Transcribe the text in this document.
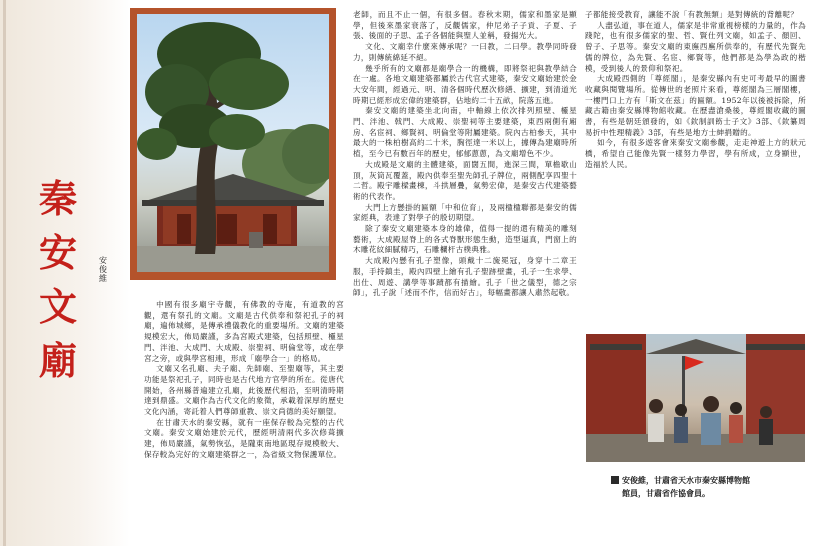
秦安文廟
安俊維

中國有很多廟宇寺觀，有佛教的寺庵，有道教的宮觀，還有祭孔的文廟。文廟是古代供奉和祭祀孔子的祠廟，遍佈城鄉，是傳承禮儀教化的重要場所。文廟的建築規模宏大，佈局嚴謹，多為宮殿式建築，包括照壁、欞星門、泮池、大成門、大成殿、崇聖祠、明倫堂等，或在學宮之旁，或與學宮相連，形成「廟學合一」的格局。

文廟又名孔廟、夫子廟、先師廟、至聖廟等，其主要功能是祭祀孔子，同時也是古代地方官學的所在。從唐代開始，各州縣普遍建立孔廟，此後歷代相沿，至明清時期達到鼎盛。文廟作為古代文化的象徵，承載着深厚的歷史文化內涵，寄託着人們尊師重教、崇文尚德的美好願望。

在甘肅天水的秦安縣，就有一座保存較為完整的古代文廟。秦安文廟始建於元代，歷經明清兩代多次修葺擴建，佈局嚴謹，氣勢恢弘，是隴東南地區現存規模較大、保存較為完好的文廟建築群之一，為省級文物保護單位。

老師，而且不止一個，有很多個。春秋末期，儒家和墨家是顯學，但後來墨家衰落了，反觀儒家，仲尼弟子子貢、子夏、子張、後面的子思、孟子各個能與聖人並稱，發揚光大。

文化、文廟幸什麼來傳承呢？一曰教，二曰學。教學同時發力，則傳統綿延不絕。

幾乎所有的文廟都是廟學合一的機構，即將祭祀與教學結合在一處。各地文廟建築都屬於古代官式建築，秦安文廟始建於金大安年間，經過元、明、清各個時代歷次修繕、擴建，到清道光時期已經形成宏偉的建築群，佔地約二十五畝，院落五進。

秦安文廟的建築坐北向南，中軸線上依次排列照壁、欞星門、泮池、戟門、大成殿、崇聖祠等主要建築，東西兩側有廂房、名宦祠、鄉賢祠、明倫堂等附屬建築。院內古柏參天，其中最大的一株柏樹高約二十米，胸徑達一米以上，據傳為建廟時所植，至今已有數百年的歷史，郁郁蔥蔥，為文廟增色不少。

大成殿是文廟的主體建築，面闊五間，進深三間，單檐歇山頂，灰筒瓦覆蓋，殿內供奉至聖先師孔子牌位，兩側配享四聖十二哲。殿宇雕樑畫棟，斗拱層疊，氣勢宏偉，是秦安古代建築藝術的代表作。

大門上方懸掛的匾額「中和位育」，及兩楹楹聯都是秦安的儒家經典，表達了對學子的殷切期望。

除了秦安文廟建築本身的雄偉，值得一提的還有精美的雕刻藝術，大成殿屋脊上的各式脊獸形態生動，造型逼真，門窗上的木雕花紋細膩精巧，石雕欄杆古樸典雅。

大成殿內懸有孔子塑像，頭戴十二旒冕冠，身穿十二章王服，手持鎮圭，殿內四壁上繪有孔子聖跡壁畫，孔子一生求學、出仕、周遊、講學等事蹟都有描繪。孔子「世之儀型，德之宗師」，孔子說「述而不作，信而好古」，每幅畫都讓人肅然起敬。

子都能接受教育，讓能不說「有教無類」是對傳統的背離呢？

人盡弘道，事在道人，儒家是非常重視榜樣的力量的，作為踐陀，也有很多儒家的聖、哲、賢仕列文廟，如孟子、顏回、曾子、子思等。秦安文廟的東廡西廡所供奉的，有歷代先賢先儒的牌位，為先賢、名宦、鄉賢等，他們都是為學為政的楷模，受到後人的景仰和祭祀。

大成殿西側的「尊經閣」，是秦安縣內有史可考最早的圖書收藏與閱覽場所。從傳世的老照片來看，尊經閣為三層閣樓，一樓門口上方有「斯文在茲」的匾額。1952年以後被拆除，所藏古籍由秦安縣博物館收藏。在歷盡滄桑後，尊經閣收藏的圖書，有些是朝廷頒發的，如《欽制訓飭士子文》3部、《欽纂周易折中性理精義》3部，有些是地方士紳捐贈的。

如今，有很多遊客會來秦安文廟參觀，走走神遊上方的狀元橋，希望自己能像先賢一樣努力學習，學有所成，立身顯世，造福於人民。

安俊維，甘肅省天水市秦安縣博物館
館員，甘肅省作協會員。
